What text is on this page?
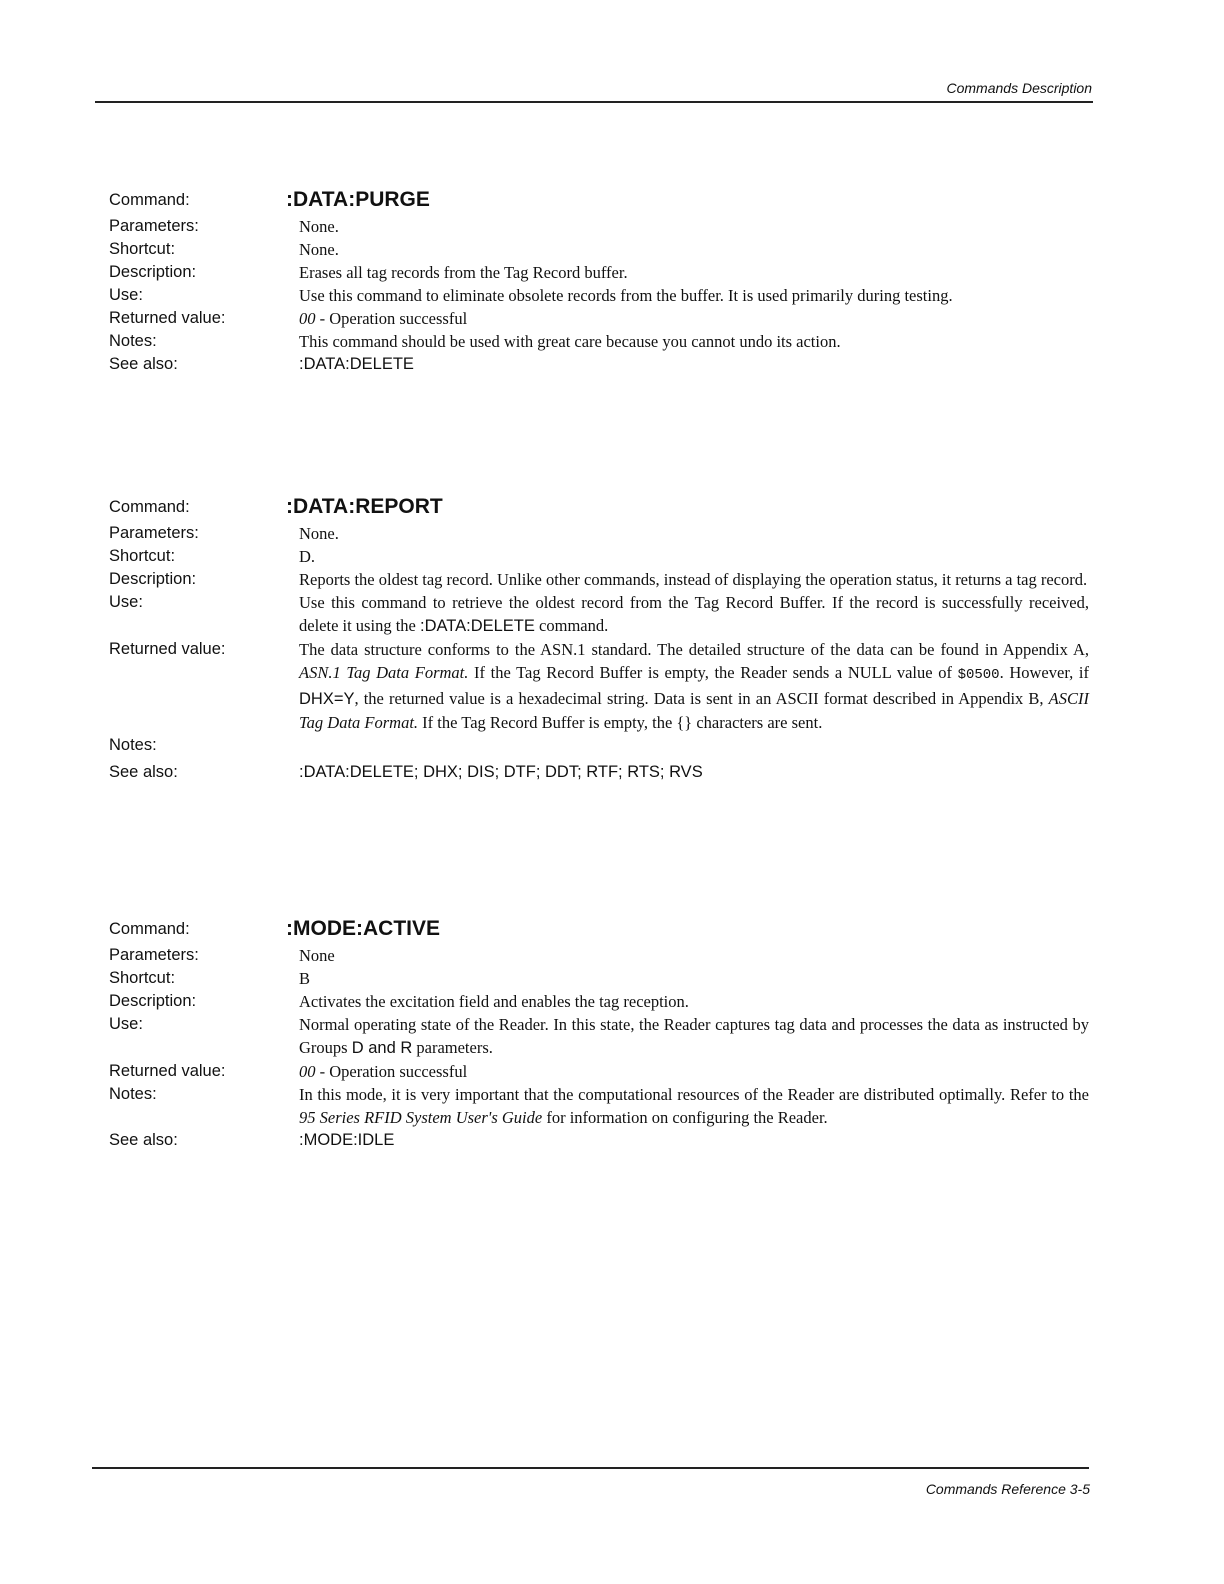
Commands Description
Command:	:DATA:PURGE
Parameters:	None.
Shortcut:	None.
Description:	Erases all tag records from the Tag Record buffer.
Use:	Use this command to eliminate obsolete records from the buffer. It is used primarily during testing.
Returned value:	00 - Operation successful
Notes:	This command should be used with great care because you cannot undo its action.
See also:	:DATA:DELETE
Command:	:DATA:REPORT
Parameters:	None.
Shortcut:	D.
Description:	Reports the oldest tag record. Unlike other commands, instead of displaying the operation status, it returns a tag record.
Use:	Use this command to retrieve the oldest record from the Tag Record Buffer. If the record is successfully received, delete it using the :DATA:DELETE command.
Returned value:	The data structure conforms to the ASN.1 standard. The detailed structure of the data can be found in Appendix A, ASN.1 Tag Data Format. If the Tag Record Buffer is empty, the Reader sends a NULL value of $0500. However, if DHX=Y, the returned value is a hexadecimal string. Data is sent in an ASCII format described in Appendix B, ASCII Tag Data Format. If the Tag Record Buffer is empty, the {} characters are sent.
Notes:
See also:	:DATA:DELETE; DHX; DIS; DTF; DDT; RTF; RTS; RVS
Command:	:MODE:ACTIVE
Parameters:	None
Shortcut:	B
Description:	Activates the excitation field and enables the tag reception.
Use:	Normal operating state of the Reader. In this state, the Reader captures tag data and processes the data as instructed by Groups D and R parameters.
Returned value:	00 - Operation successful
Notes:	In this mode, it is very important that the computational resources of the Reader are distributed optimally. Refer to the 95 Series RFID System User's Guide for information on configuring the Reader.
See also:	:MODE:IDLE
Commands Reference 3-5
